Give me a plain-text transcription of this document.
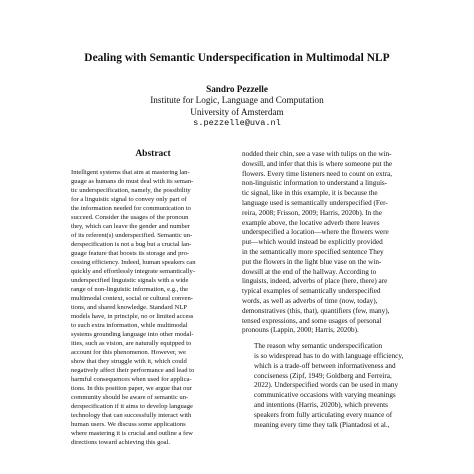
Dealing with Semantic Underspecification in Multimodal NLP
Sandro Pezzelle
Institute for Logic, Language and Computation
University of Amsterdam
s.pezzelle@uva.nl
Abstract
Intelligent systems that aim at mastering lan-
guage as humans do must deal with its seman-
tic underspecification, namely, the possibility
for a linguistic signal to convey only part of
the information needed for communication to
succeed. Consider the usages of the pronoun
they, which can leave the gender and number
of its referent(s) underspecified. Semantic un-
derspecification is not a bug but a crucial lan-
guage feature that boosts its storage and pro-
cessing efficiency. Indeed, human speakers can
quickly and effortlessly integrate semantically-
underspecified linguistic signals with a wide
range of non-linguistic information, e.g., the
multimodal context, social or cultural conven-
tions, and shared knowledge. Standard NLP
models have, in principle, no or limited access
to such extra information, while multimodal
systems grounding language into other modal-
ities, such as vision, are naturally equipped to
account for this phenomenon. However, we
show that they struggle with it, which could
negatively affect their performance and lead to
harmful consequences when used for applica-
tions. In this position paper, we argue that our
community should be aware of semantic un-
derspecification if it aims to develop language
technology that can successfully interact with
human users. We discuss some applications
where mastering it is crucial and outline a few
directions toward achieving this goal.
nodded their chin, see a vase with tulips on the win-
dowsill, and infer that this is where someone put the
flowers. Every time listeners need to count on extra,
non-linguistic information to understand a linguis-
tic signal, like in this example, it is because the
language used is semantically underspecified (Fer-
reira, 2008; Frisson, 2009; Harris, 2020b). In the
example above, the locative adverb there leaves
underspecified a location—where the flowers were
put—which would instead be explicitly provided
in the semantically more specified sentence They
put the flowers in the light blue vase on the win-
dowsill at the end of the hallway. According to
linguists, indeed, adverbs of place (here, there) are
typical examples of semantically underspecified
words, as well as adverbs of time (now, today),
demonstratives (this, that), quantifiers (few, many),
tensed expressions, and some usages of personal
pronouns (Lappin, 2000; Harris, 2020b).
The reason why semantic underspecification
is so widespread has to do with language efficiency,
which is a trade-off between informativeness and
conciseness (Zipf, 1949; Goldberg and Ferreira,
2022). Underspecified words can be used in many
communicative occasions with varying meanings
and intentions (Harris, 2020b), which prevents
speakers from fully articulating every nuance of
meaning every time they talk (Piantadosi et al.,
